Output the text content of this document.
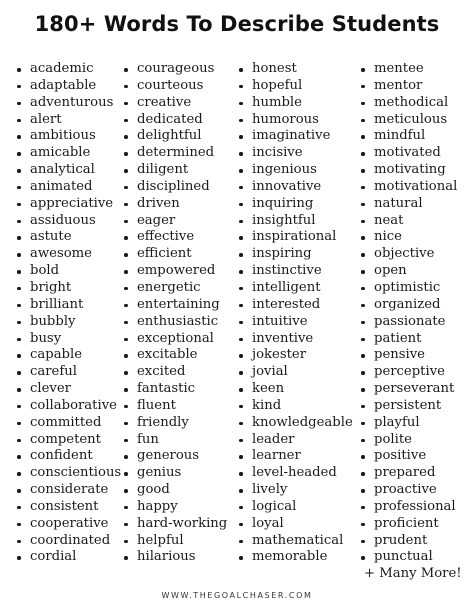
180+ Words To Describe Students
academic
adaptable
adventurous
alert
ambitious
amicable
analytical
animated
appreciative
assiduous
astute
awesome
bold
bright
brilliant
bubbly
busy
capable
careful
clever
collaborative
committed
competent
confident
conscientious
considerate
consistent
cooperative
coordinated
cordial
courageous
courteous
creative
dedicated
delightful
determined
diligent
disciplined
driven
eager
effective
efficient
empowered
energetic
entertaining
enthusiastic
exceptional
excitable
excited
fantastic
fluent
friendly
fun
generous
genius
good
happy
hard-working
helpful
hilarious
honest
hopeful
humble
humorous
imaginative
incisive
ingenious
innovative
inquiring
insightful
inspirational
inspiring
instinctive
intelligent
interested
intuitive
inventive
jokester
jovial
keen
kind
knowledgeable
leader
learner
level-headed
lively
logical
loyal
mathematical
memorable
mentee
mentor
methodical
meticulous
mindful
motivated
motivating
motivational
natural
neat
nice
objective
open
optimistic
organized
passionate
patient
pensive
perceptive
perseverant
persistent
playful
polite
positive
prepared
proactive
professional
proficient
prudent
punctual
+ Many More!
WWW.THEGOALCHASER.COM
